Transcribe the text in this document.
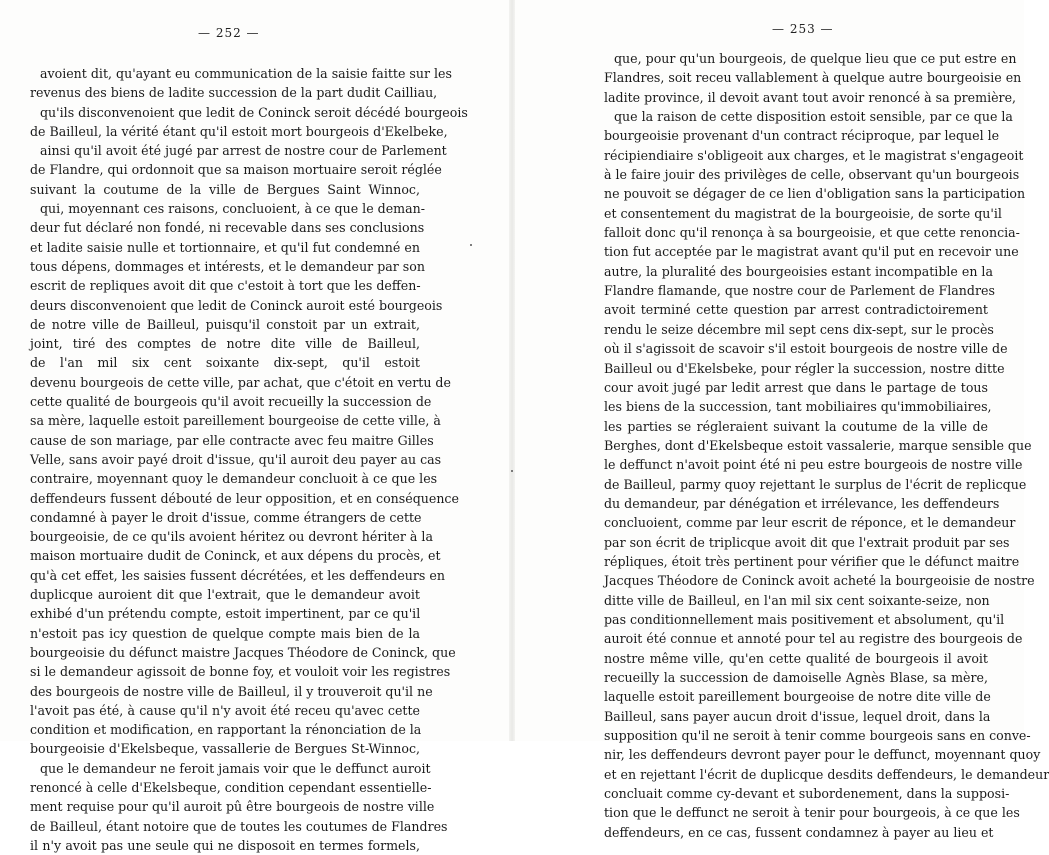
— 252 —
avoient dit, qu'ayant eu communication de la saisie faitte sur les
revenus des biens de ladite succession de la part dudit Cailliau,
qu'ils disconvenoient que ledit de Coninck seroit décédé bourgeois
de Bailleul, la vérité étant qu'il estoit mort bourgeois d'Ekelbeke,
ainsi qu'il avoit été jugé par arrest de nostre cour de Parlement
de Flandre, qui ordonnoit que sa maison mortuaire seroit réglée
suivant la coutume de la ville de Bergues Saint Winnoc,
qui, moyennant ces raisons, concluoient, à ce que le deman-
deur fut déclaré non fondé, ni recevable dans ses conclusions
et ladite saisie nulle et tortionnaire, et qu'il fut condemné en
tous dépens, dommages et intérests, et le demandeur par son
escrit de repliques avoit dit que c'estoit à tort que les deffen-
deurs disconvenoient que ledit de Coninck auroit esté bourgeois
de notre ville de Bailleul, puisqu'il constoit par un extrait,
joint, tiré des comptes de notre dite ville de Bailleul,
de l'an mil six cent soixante dix-sept, qu'il estoit
devenu bourgeois de cette ville, par achat, que c'étoit en vertu de
cette qualité de bourgeois qu'il avoit recueilly la succession de
sa mère, laquelle estoit pareillement bourgeoise de cette ville, à
cause de son mariage, par elle contracte avec feu maitre Gilles
Velle, sans avoir payé droit d'issue, qu'il auroit deu payer au cas
contraire, moyennant quoy le demandeur concluoit à ce que les
deffendeurs fussent débouté de leur opposition, et en conséquence
condamné à payer le droit d'issue, comme étrangers de cette
bourgeoisie, de ce qu'ils avoient héritez ou devront hériter à la
maison mortuaire dudit de Coninck, et aux dépens du procès, et
qu'à cet effet, les saisies fussent décrétées, et les deffendeurs en
duplicque auroient dit que l'extrait, que le demandeur avoit
exhibé d'un prétendu compte, estoit impertinent, par ce qu'il
n'estoit pas icy question de quelque compte mais bien de la
bourgeoisie du défunct maistre Jacques Théodore de Coninck, que
si le demandeur agissoit de bonne foy, et vouloit voir les registres
des bourgeois de nostre ville de Bailleul, il y trouveroit qu'il ne
l'avoit pas été, à cause qu'il n'y avoit été receu qu'avec cette
condition et modification, en rapportant la rénonciation de la
bourgeoisie d'Ekelsbeque, vassallerie de Bergues St-Winnoc,
que le demandeur ne feroit jamais voir que le deffunct auroit
renoncé à celle d'Ekelsbeque, condition cependant essentielle-
ment requise pour qu'il auroit pû être bourgeois de nostre ville
de Bailleul, étant notoire que de toutes les coutumes de Flandres
il n'y avoit pas une seule qui ne disposoit en termes formels,
— 253 —
que, pour qu'un bourgeois, de quelque lieu que ce put estre en
Flandres, soit receu vallablement à quelque autre bourgeoisie en
ladite province, il devoit avant tout avoir renoncé à sa première,
que la raison de cette disposition estoit sensible, par ce que la
bourgeoisie provenant d'un contract réciproque, par lequel le
récipiendiaire s'obligeoit aux charges, et le magistrat s'engageoit
à le faire jouir des privilèges de celle, observant qu'un bourgeois
ne pouvoit se dégager de ce lien d'obligation sans la participation
et consentement du magistrat de la bourgeoisie, de sorte qu'il
falloit donc qu'il renonça à sa bourgeoisie, et que cette renoncia-
tion fut acceptée par le magistrat avant qu'il put en recevoir une
autre, la pluralité des bourgeoisies estant incompatible en la
Flandre flamande, que nostre cour de Parlement de Flandres
avoit terminé cette question par arrest contradictoirement
rendu le seize décembre mil sept cens dix-sept, sur le procès
où il s'agissoit de scavoir s'il estoit bourgeois de nostre ville de
Bailleul ou d'Ekelsbeke, pour régler la succession, nostre ditte
cour avoit jugé par ledit arrest que dans le partage de tous
les biens de la succession, tant mobiliaires qu'immobiliaires,
les parties se régleraient suivant la coutume de la ville de
Berghes, dont d'Ekelsbeque estoit vassalerie, marque sensible que
le deffunct n'avoit point été ni peu estre bourgeois de nostre ville
de Bailleul, parmy quoy rejettant le surplus de l'écrit de replicque
du demandeur, par dénégation et irrélevance, les deffendeurs
concluoient, comme par leur escrit de réponce, et le demandeur
par son écrit de triplicque avoit dit que l'extrait produit par ses
répliques, étoit très pertinent pour vérifier que le défunct maitre
Jacques Théodore de Coninck avoit acheté la bourgeoisie de nostre
ditte ville de Bailleul, en l'an mil six cent soixante-seize, non
pas conditionnellement mais positivement et absolument, qu'il
auroit été connue et annoté pour tel au registre des bourgeois de
nostre même ville, qu'en cette qualité de bourgeois il avoit
recueilly la succession de damoiselle Agnès Blase, sa mère,
laquelle estoit pareillement bourgeoise de notre dite ville de
Bailleul, sans payer aucun droit d'issue, lequel droit, dans la
supposition qu'il ne seroit à tenir comme bourgeois sans en conve-
nir, les deffendeurs devront payer pour le deffunct, moyennant quoy
et en rejettant l'écrit de duplicque desdits deffendeurs, le demandeur
concluait comme cy-devant et subordenement, dans la supposi-
tion que le deffunct ne seroit à tenir pour bourgeois, à ce que les
deffendeurs, en ce cas, fussent condamnez à payer au lieu et
